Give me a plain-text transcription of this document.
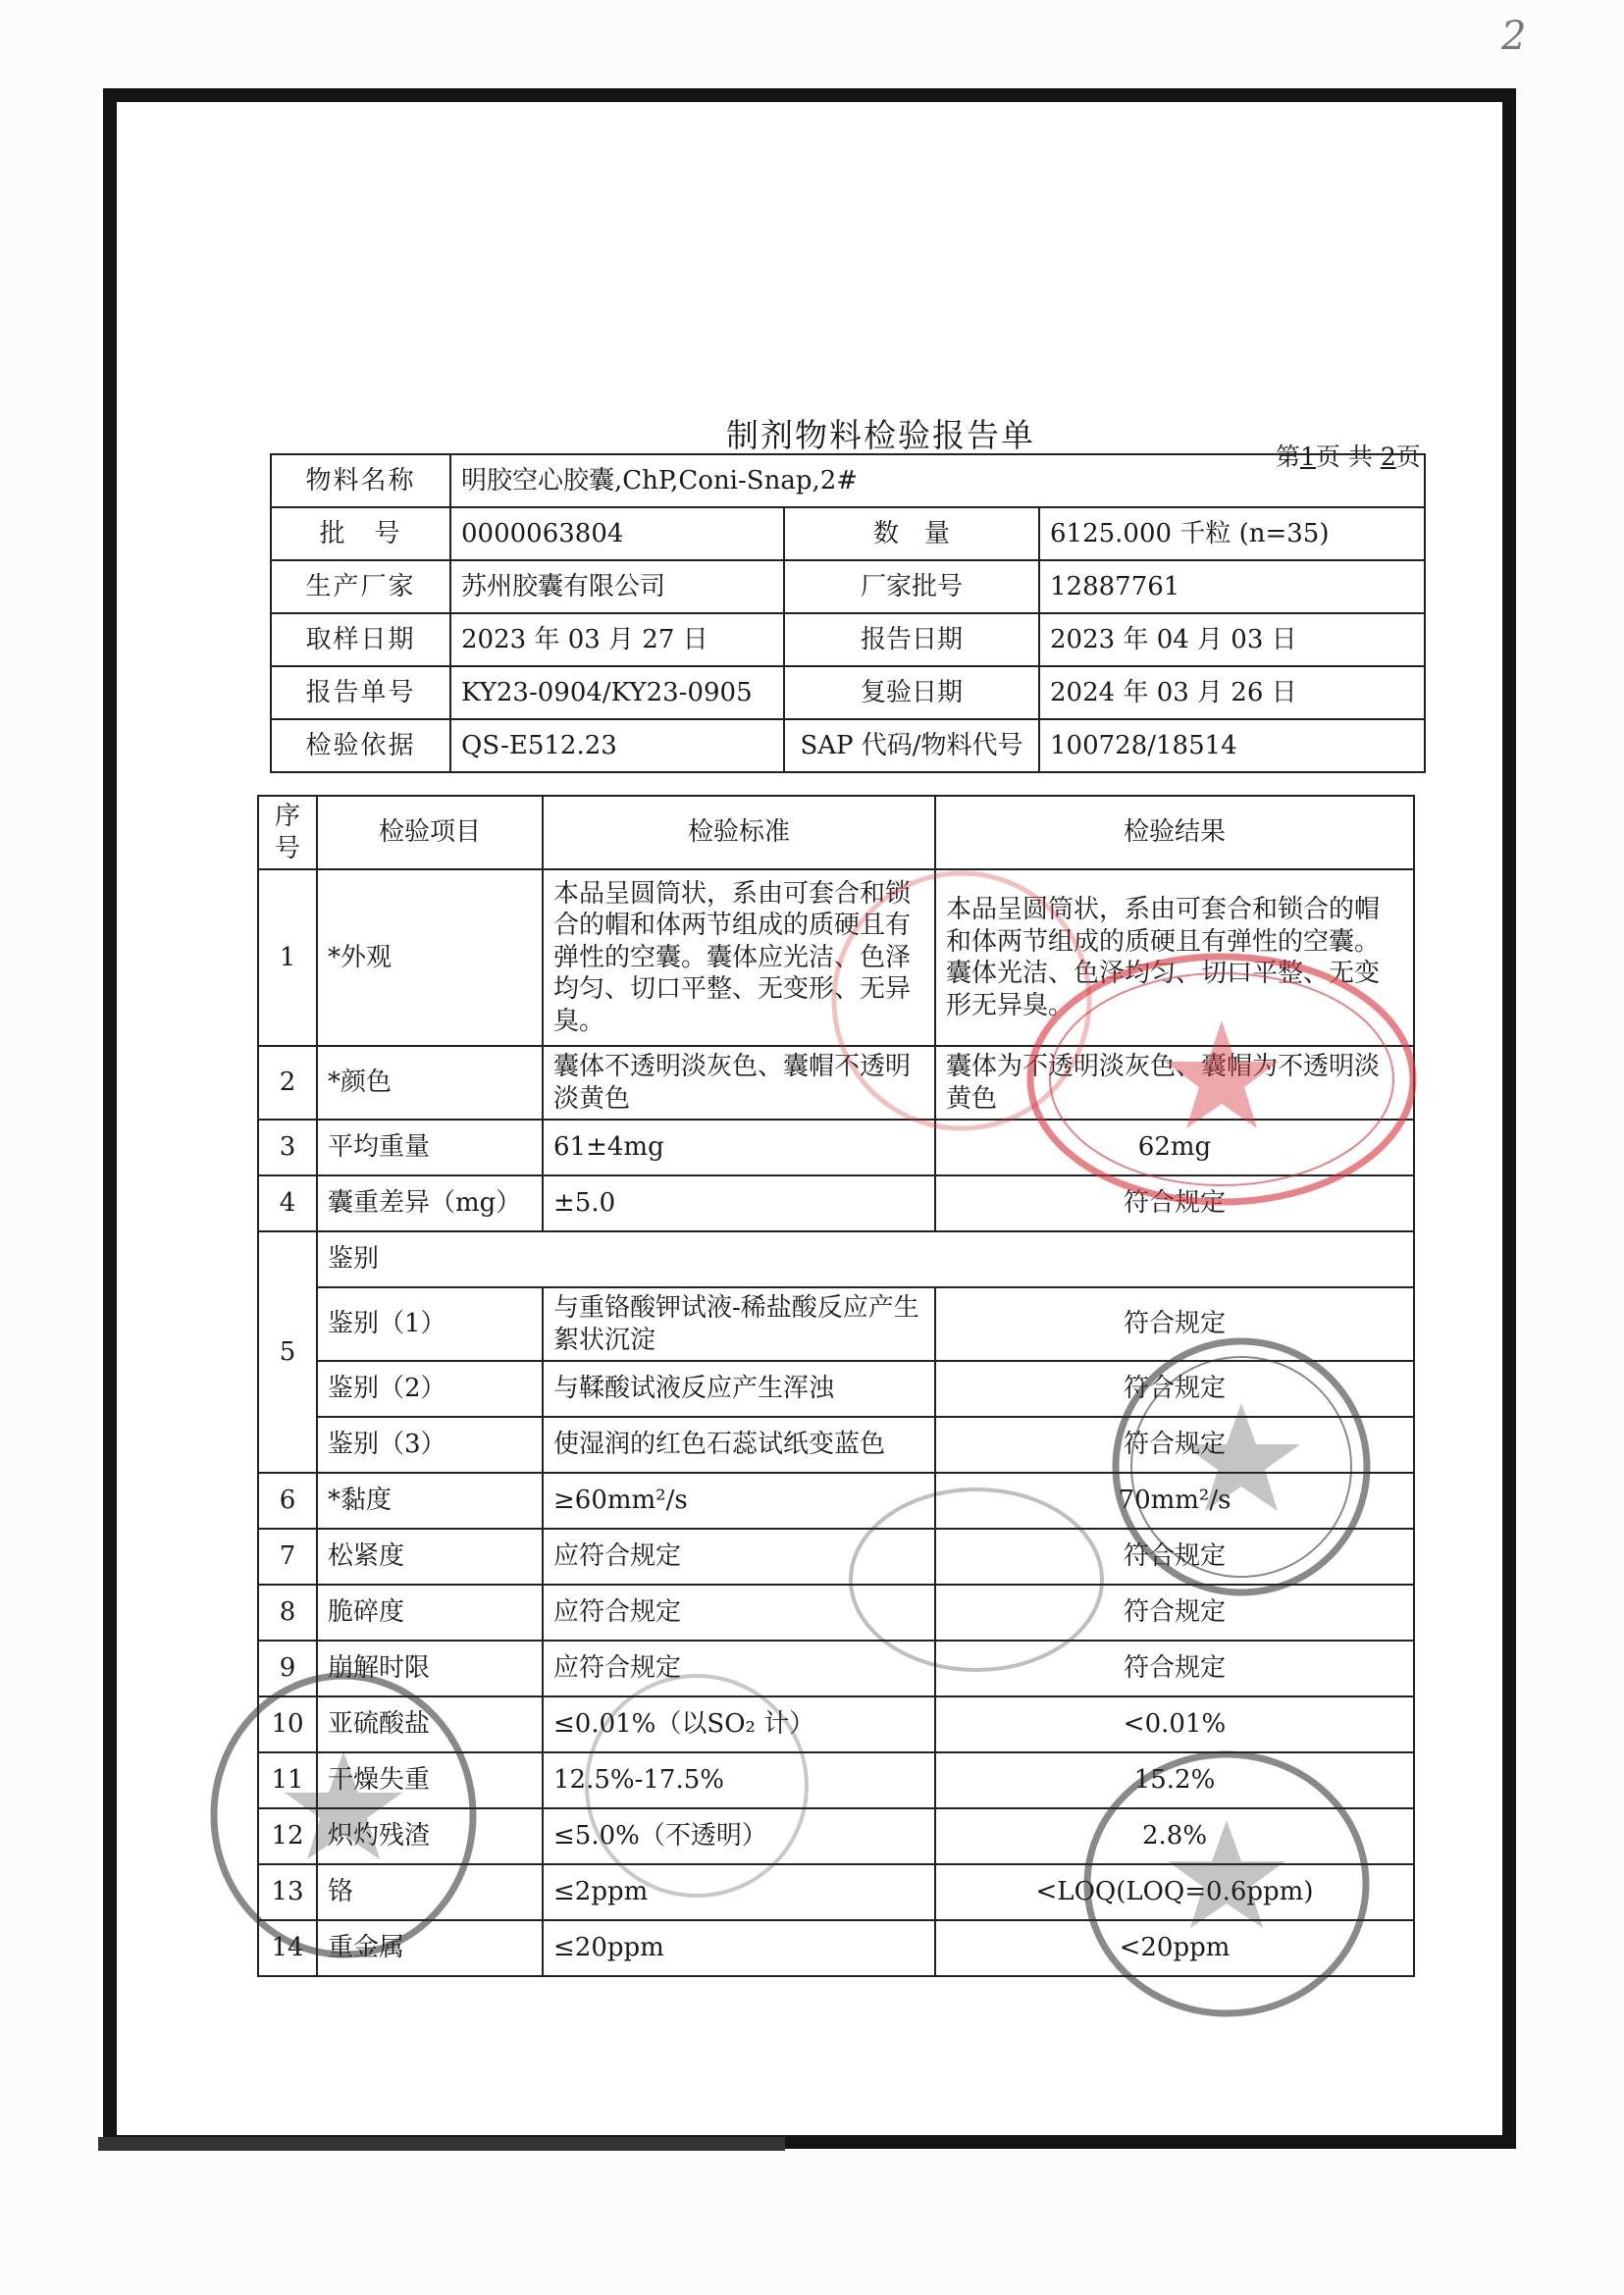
2
制剂物料检验报告单
第1页 共 2页
物料名称	明胶空心胶囊,ChP,Coni-Snap,2#		
批　号	0000063804	数　量	6125.000 千粒 (n=35)
生产厂家	苏州胶囊有限公司	厂家批号	12887761
取样日期	2023 年 03 月 27 日	报告日期	2023 年 04 月 03 日
报告单号	KY23-0904/KY23-0905	复验日期	2024 年 03 月 26 日
检验依据	QS-E512.23	SAP 代码/物料代号	100728/18514
序号	检验项目	检验标准	检验结果
1	*外观	本品呈圆筒状，系由可套合和锁合的帽和体两节组成的质硬且有弹性的空囊。囊体应光洁、色泽均匀、切口平整、无变形、无异臭。	本品呈圆筒状，系由可套合和锁合的帽和体两节组成的质硬且有弹性的空囊。囊体光洁、色泽均匀、切口平整、无变形无异臭。
2	*颜色	囊体不透明淡灰色、囊帽不透明淡黄色	囊体为不透明淡灰色、囊帽为不透明淡黄色
3	平均重量	61±4mg	62mg
4	囊重差异（mg）	±5.0	符合规定
5	鉴别		
	鉴别（1）	与重铬酸钾试液-稀盐酸反应产生絮状沉淀	符合规定
	鉴别（2）	与鞣酸试液反应产生浑浊	符合规定
	鉴别（3）	使湿润的红色石蕊试纸变蓝色	符合规定
6	*黏度	≥60mm²/s	70mm²/s
7	松紧度	应符合规定	符合规定
8	脆碎度	应符合规定	符合规定
9	崩解时限	应符合规定	符合规定
10	亚硫酸盐	≤0.01%（以SO₂ 计）	<0.01%
11	干燥失重	12.5%-17.5%	15.2%
12	炽灼残渣	≤5.0%（不透明）	2.8%
13	铬	≤2ppm	<LOQ(LOQ=0.6ppm)
14	重金属	≤20ppm	<20ppm
